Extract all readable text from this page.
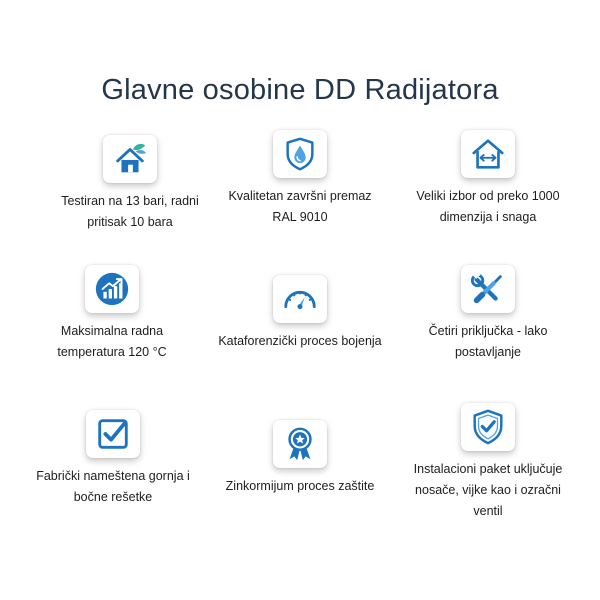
Glavne osobine DD Radijatora
Testiran na 13 bari, radni pritisak 10 bara
Kvalitetan završni premaz RAL 9010
Veliki izbor od preko 1000 dimenzija i snaga
Maksimalna radna temperatura 120 °C
Kataforenzički proces bojenja
Četiri priključka - lako postavljanje
Fabrički nameštena gornja i bočne rešetke
Zinkormijum proces zaštite
Instalacioni paket uključuje nosače, vijke kao i ozračni ventil
